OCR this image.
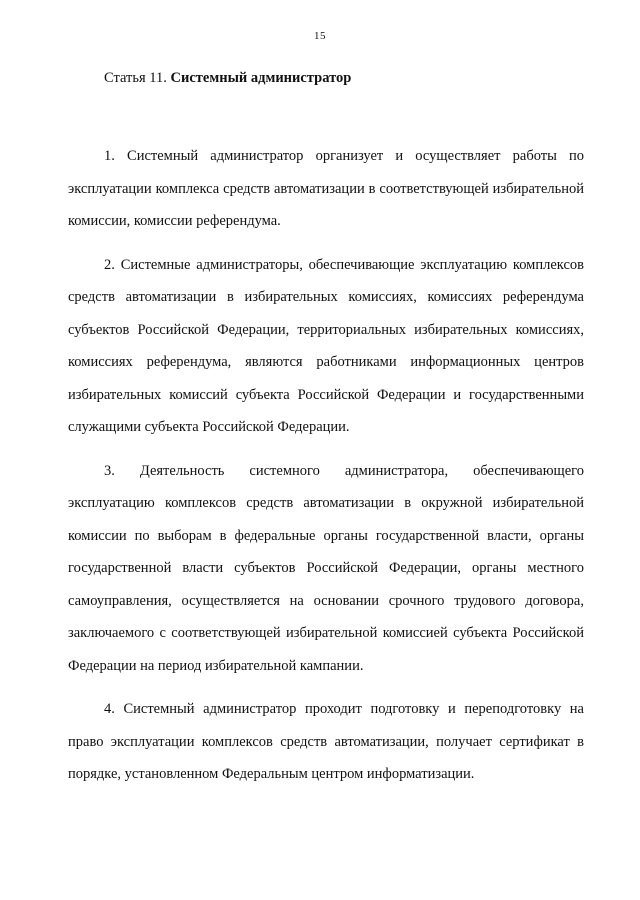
15
Статья 11. Системный администратор

1. Системный администратор организует и осуществляет работы по эксплуатации комплекса средств автоматизации в соответствующей избирательной комиссии, комиссии референдума.

2. Системные администраторы, обеспечивающие эксплуатацию комплексов средств автоматизации в избирательных комиссиях, комиссиях референдума субъектов Российской Федерации, территориальных избирательных комиссиях, комиссиях референдума, являются работниками информационных центров избирательных комиссий субъекта Российской Федерации и государственными служащими субъекта Российской Федерации.

3. Деятельность системного администратора, обеспечивающего эксплуатацию комплексов средств автоматизации в окружной избирательной комиссии по выборам в федеральные органы государственной власти, органы государственной власти субъектов Российской Федерации, органы местного самоуправления, осуществляется на основании срочного трудового договора, заключаемого с соответствующей избирательной комиссией субъекта Российской Федерации на период избирательной кампании.

4. Системный администратор проходит подготовку и переподготовку на право эксплуатации комплексов средств автоматизации, получает сертификат в порядке, установленном Федеральным центром информатизации.
